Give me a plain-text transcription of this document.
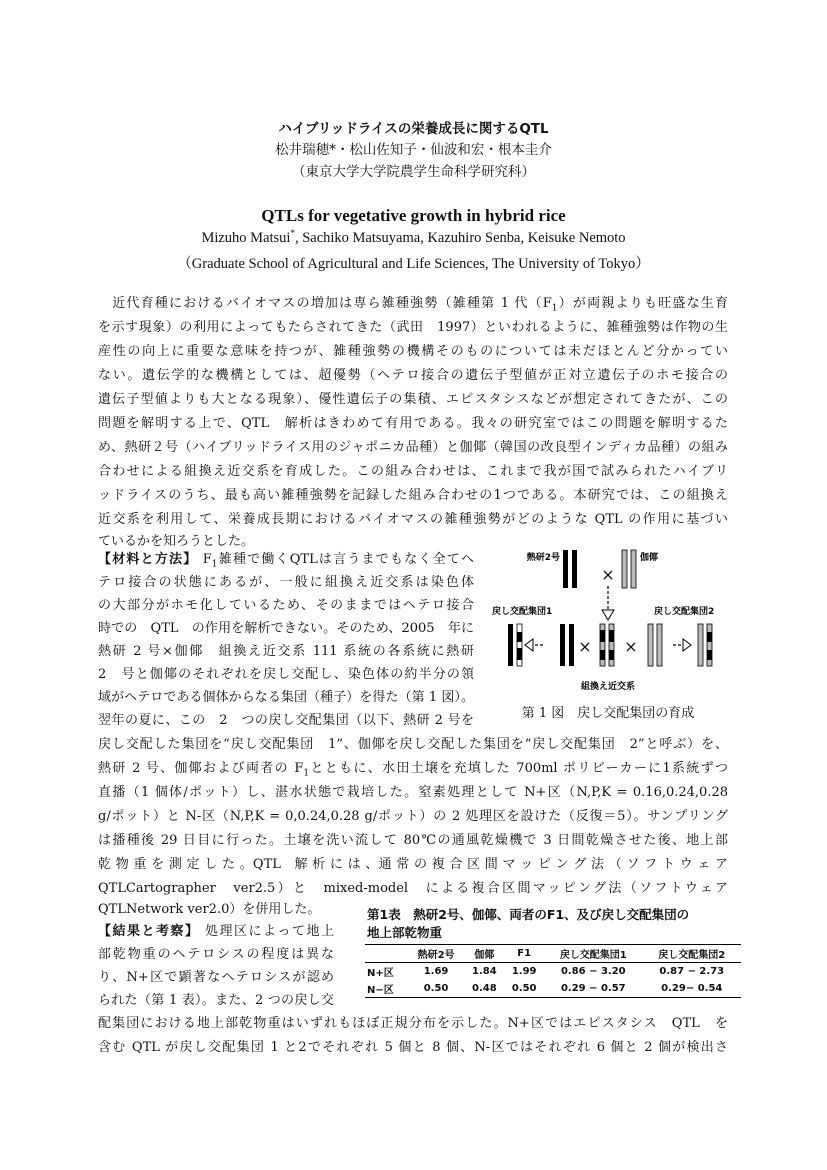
ハイブリッドライスの栄養成長に関するQTL
松井瑞穂*・松山佐知子・仙波和宏・根本圭介
（東京大学大学院農学生命科学研究科）
QTLs for vegetative growth in hybrid rice
Mizuho Matsui*, Sachiko Matsuyama, Kazuhiro Senba, Keisuke Nemoto
（Graduate School of Agricultural and Life Sciences, The University of Tokyo）
　近代育種におけるバイオマスの増加は専ら雑種強勢（雑種第 1 代$(F_1)$が両親よりも旺盛な生育
を示す現象）の利用によってもたらされてきた（武田　1997）といわれるように、雑種強勢は作物の生
産性の向上に重要な意味を持つが、雑種強勢の機構そのものについては未だほとんど分かってい
ない。遺伝学的な機構としては、超優勢（ヘテロ接合の遺伝子型値が正対立遺伝子のホモ接合の
遺伝子型値よりも大となる現象）、優性遺伝子の集積、エピスタシスなどが想定されてきたが、この
問題を解明する上で、QTL　解析はきわめて有用である。我々の研究室ではこの問題を解明するた
め、熱研２号（ハイブリッドライス用のジャポニカ品種）と伽倻（韓国の改良型インディカ品種）の組み
合わせによる組換え近交系を育成した。この組み合わせは、これまで我が国で試みられたハイブリ
ッドライスのうち、最も高い雑種強勢を記録した組み合わせの1つである。本研究では、この組換え
近交系を利用して、栄養成長期におけるバイオマスの雑種強勢がどのような QTL の作用に基づい
ているかを知ろうとした。
【材料と方法】 $F_1$雑種で働くQTLは言うまでもなく全てヘ
テロ接合の状態にあるが、一般に組換え近交系は染色体
の大部分がホモ化しているため、そのままではヘテロ接合
時での　QTL　の作用を解析できない。そのため、2005　年に
熱研 2 号×伽倻　組換え近交系 111 系統の各系統に熱研
2　号と伽倻のそれぞれを戻し交配し、染色体の約半分の領
域がヘテロである個体からなる集団（種子）を得た（第 1 図）。
翌年の夏に、この　2　つの戻し交配集団（以下、熱研 2 号を
戻し交配した集団を“戻し交配集団　1”、伽倻を戻し交配した集団を“戻し交配集団　2”と呼ぶ）を、
熱研 2 号、伽倻および両者の $F_1$とともに、水田土壌を充填した 700ml ポリビーカーに1系統ずつ
直播（1 個体/ポット）し、湛水状態で栽培した。窒素処理として N+区（N,P,K = 0.16,0.24,0.28
g/ポット）と N-区（N,P,K = 0,0.24,0.28 g/ポット）の 2 処理区を設けた（反復＝5）。サンプリング
は播種後 29 日目に行った。土壌を洗い流して 80℃の通風乾燥機で 3 日間乾燥させた後、地上部
乾 物 重 を 測 定 し た 。QTL　解 析 に は 、通 常 の 複 合 区 間 マ ッ ピ ン グ 法 （ ソ フ ト ウ ェ ア
QTLCartographer　ver2.5）と　mixed-model　による複合区間マッピング法（ソフトウェア
QTLNetwork ver2.0）を併用した。
【結果と考察】 処理区によって地上
部乾物重のヘテロシスの程度は異な
り、N+区で顕著なヘテロシスが認め
られた（第 1 表）。また、2 つの戻し交
配集団における地上部乾物重はいずれもほぼ正規分布を示した。N+区ではエピスタシス　QTL　を
含む QTL が戻し交配集団 1 と2でそれぞれ 5 個と 8 個、N-区ではそれぞれ 6 個と 2 個が検出さ
熱研2号	伽倻
×
戻し交配集団1	戻し交配集団2
× ×
組換え近交系
第 1 図　戻し交配集団の育成
第1表　熱研2号、伽倻、両者のF1、及び戻し交配集団の
地上部乾物重
	熱研2号	伽倻	F1	戻し交配集団1	戻し交配集団2
N+区	1.69	1.84	1.99	0.86 − 3.20	0.87 − 2.73
N−区	0.50	0.48	0.50	0.29 − 0.57	0.29− 0.54
